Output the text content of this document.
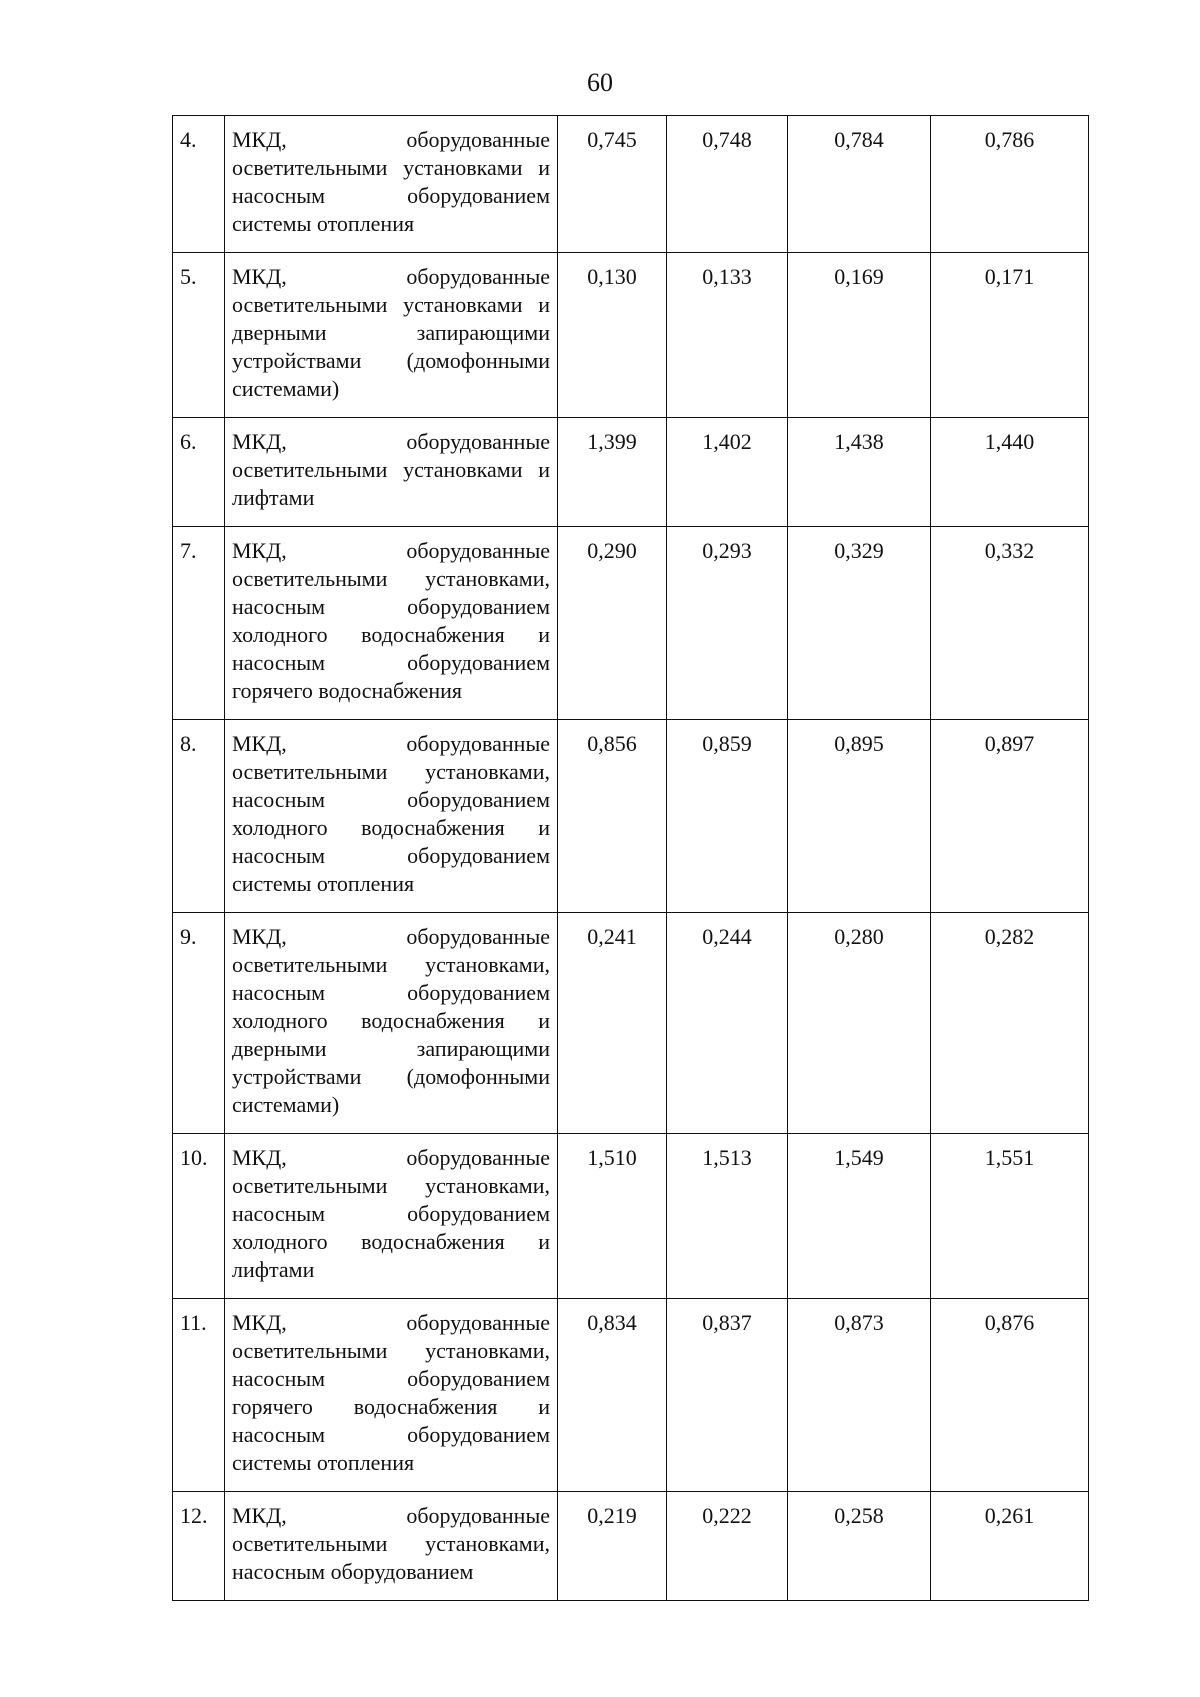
60
4.	МКД, оборудованные осветительными установками и насосным оборудованием системы отопления	0,745	0,748	0,784	0,786
5.	МКД, оборудованные осветительными установками и дверными запирающими устройствами (домофонными системами)	0,130	0,133	0,169	0,171
6.	МКД, оборудованные осветительными установками и лифтами	1,399	1,402	1,438	1,440
7.	МКД, оборудованные осветительными установками, насосным оборудованием холодного водоснабжения и насосным оборудованием горячего водоснабжения	0,290	0,293	0,329	0,332
8.	МКД, оборудованные осветительными установками, насосным оборудованием холодного водоснабжения и насосным оборудованием системы отопления	0,856	0,859	0,895	0,897
9.	МКД, оборудованные осветительными установками, насосным оборудованием холодного водоснабжения и дверными запирающими устройствами (домофонными системами)	0,241	0,244	0,280	0,282
10.	МКД, оборудованные осветительными установками, насосным оборудованием холодного водоснабжения и лифтами	1,510	1,513	1,549	1,551
11.	МКД, оборудованные осветительными установками, насосным оборудованием горячего водоснабжения и насосным оборудованием системы отопления	0,834	0,837	0,873	0,876
12.	МКД, оборудованные осветительными установками, насосным оборудованием	0,219	0,222	0,258	0,261
